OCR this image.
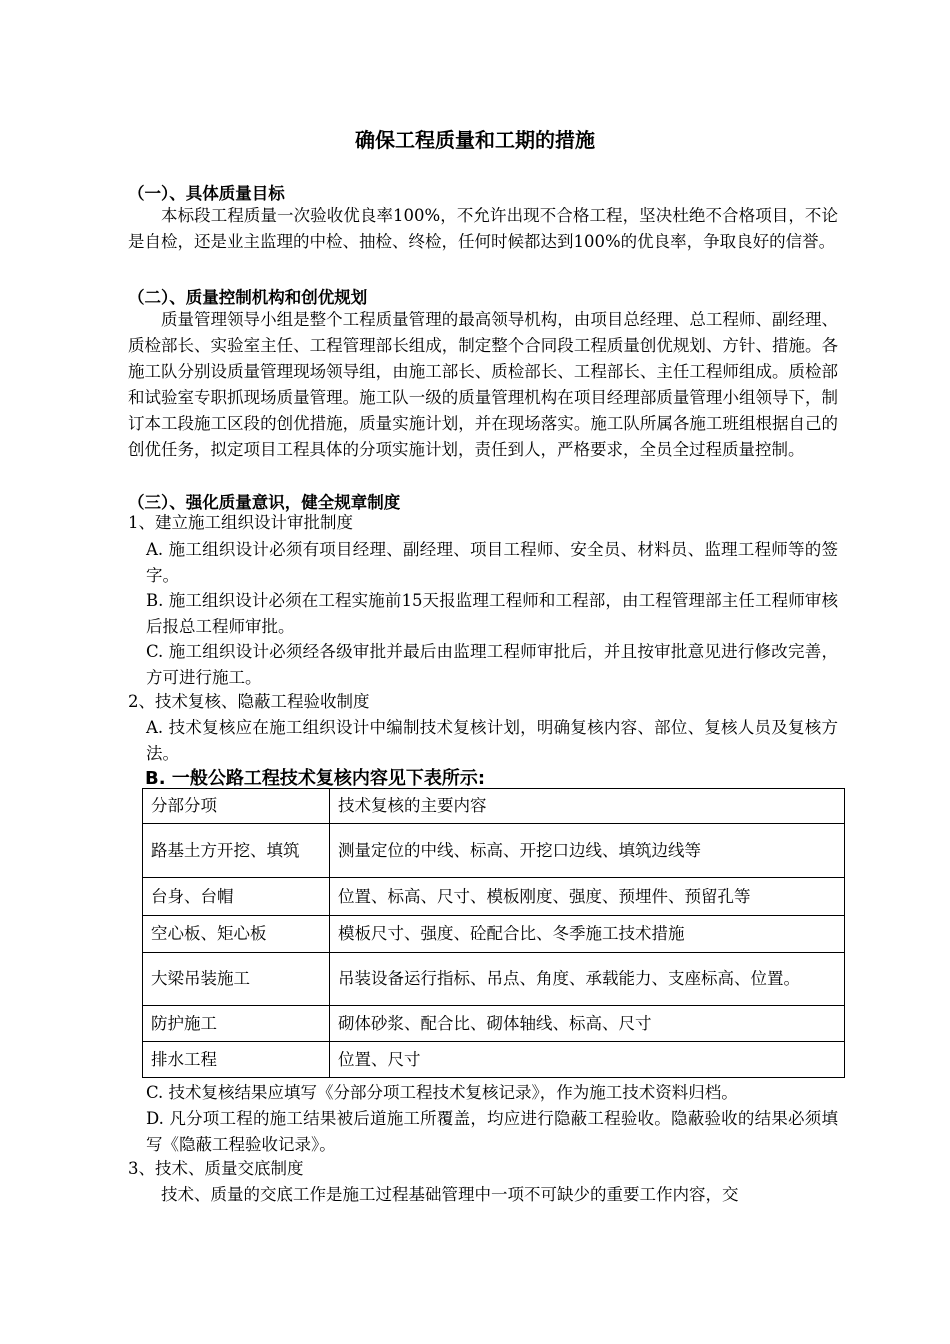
确保工程质量和工期的措施
（一）、具体质量目标
本标段工程质量一次验收优良率100%，不允许出现不合格工程，坚决杜绝不合格项目，不论是自检，还是业主监理的中检、抽检、终检，任何时候都达到100%的优良率，争取良好的信誉。
（二）、质量控制机构和创优规划
质量管理领导小组是整个工程质量管理的最高领导机构，由项目总经理、总工程师、副经理、质检部长、实验室主任、工程管理部长组成，制定整个合同段工程质量创优规划、方针、措施。各施工队分别设质量管理现场领导组，由施工部长、质检部长、工程部长、主任工程师组成。质检部和试验室专职抓现场质量管理。施工队一级的质量管理机构在项目经理部质量管理小组领导下，制订本工段施工区段的创优措施，质量实施计划，并在现场落实。施工队所属各施工班组根据自己的创优任务，拟定项目工程具体的分项实施计划，责任到人，严格要求，全员全过程质量控制。
（三）、强化质量意识，健全规章制度
1、建立施工组织设计审批制度
A. 施工组织设计必须有项目经理、副经理、项目工程师、安全员、材料员、监理工程师等的签字。
B. 施工组织设计必须在工程实施前15天报监理工程师和工程部，由工程管理部主任工程师审核后报总工程师审批。
C. 施工组织设计必须经各级审批并最后由监理工程师审批后，并且按审批意见进行修改完善，方可进行施工。
2、技术复核、隐蔽工程验收制度
A. 技术复核应在施工组织设计中编制技术复核计划，明确复核内容、部位、复核人员及复核方法。
B. 一般公路工程技术复核内容见下表所示:
分部分项	技术复核的主要内容
路基土方开挖、填筑	测量定位的中线、标高、开挖口边线、填筑边线等
台身、台帽	位置、标高、尺寸、模板刚度、强度、预埋件、预留孔等
空心板、矩心板	模板尺寸、强度、砼配合比、冬季施工技术措施
大梁吊装施工	吊装设备运行指标、吊点、角度、承载能力、支座标高、位置。
防护施工	砌体砂浆、配合比、砌体轴线、标高、尺寸
排水工程	位置、尺寸
C. 技术复核结果应填写《分部分项工程技术复核记录》，作为施工技术资料归档。
D. 凡分项工程的施工结果被后道施工所覆盖，均应进行隐蔽工程验收。隐蔽验收的结果必须填写《隐蔽工程验收记录》。
3、技术、质量交底制度
技术、质量的交底工作是施工过程基础管理中一项不可缺少的重要工作内容，交
